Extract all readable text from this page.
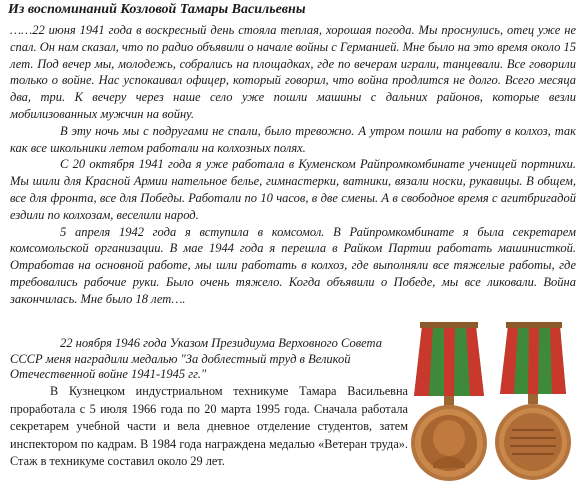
Из воспоминаний Козловой Тамары Васильевны

……22 июня 1941 года в воскресный день стояла теплая, хорошая погода. Мы проснулись, отец уже не спал. Он нам сказал, что по радио объявили о начале войны с Германией. Мне было на это время около 15 лет. Под вечер мы, молодежь, собрались на площадках, где по вечерам играли, танцевали. Все говорили только о войне. Нас успокаивал офицер, который говорил, что война продлится не долго. Всего месяца два, три. К вечеру через наше село уже пошли машины с дальних районов, которые везли мобилизованных мужчин на войну.

В эту ночь мы с подругами не спали, было тревожно. А утром пошли на работу в колхоз, так как все школьники летом работали на колхозных полях.

С 20 октября 1941 года я уже работала в Куменском Райпромкомбинате ученицей портнихи. Мы шили для Красной Армии нательное белье, гимнастерки, ватники, вязали носки, рукавицы. В общем, все для фронта, все для Победы. Работали по 10 часов, в две смены. А в свободное время с агитбригадой ездили по колхозам, веселили народ.

5 апреля 1942 года я вступила в комсомол. В Райпромкомбинате я была секретарем комсомольской организации. В мае 1944 года я перешла в Райком Партии работать машинисткой. Отработав на основной работе, мы шли работать в колхоз, где выполняли все тяжелые работы, где требовались рабочие руки. Было очень тяжело. Когда объявили о Победе, мы все ликовали. Война закончилась. Мне было 18 лет….

22 ноября 1946 года Указом Президиума Верховного Совета СССР меня наградили медалью "За доблестный труд в Великой Отечественной войне 1941-1945 гг."

В Кузнецком индустриальном техникуме Тамара Васильевна проработала с 5 июля 1966 года по 20 марта 1995 года. Сначала работала секретарем учебной части и вела дневное отделение студентов, затем инспектором по кадрам. В 1984 года награждена медалью «Ветеран труда». Стаж в техникуме составил около 29 лет.
